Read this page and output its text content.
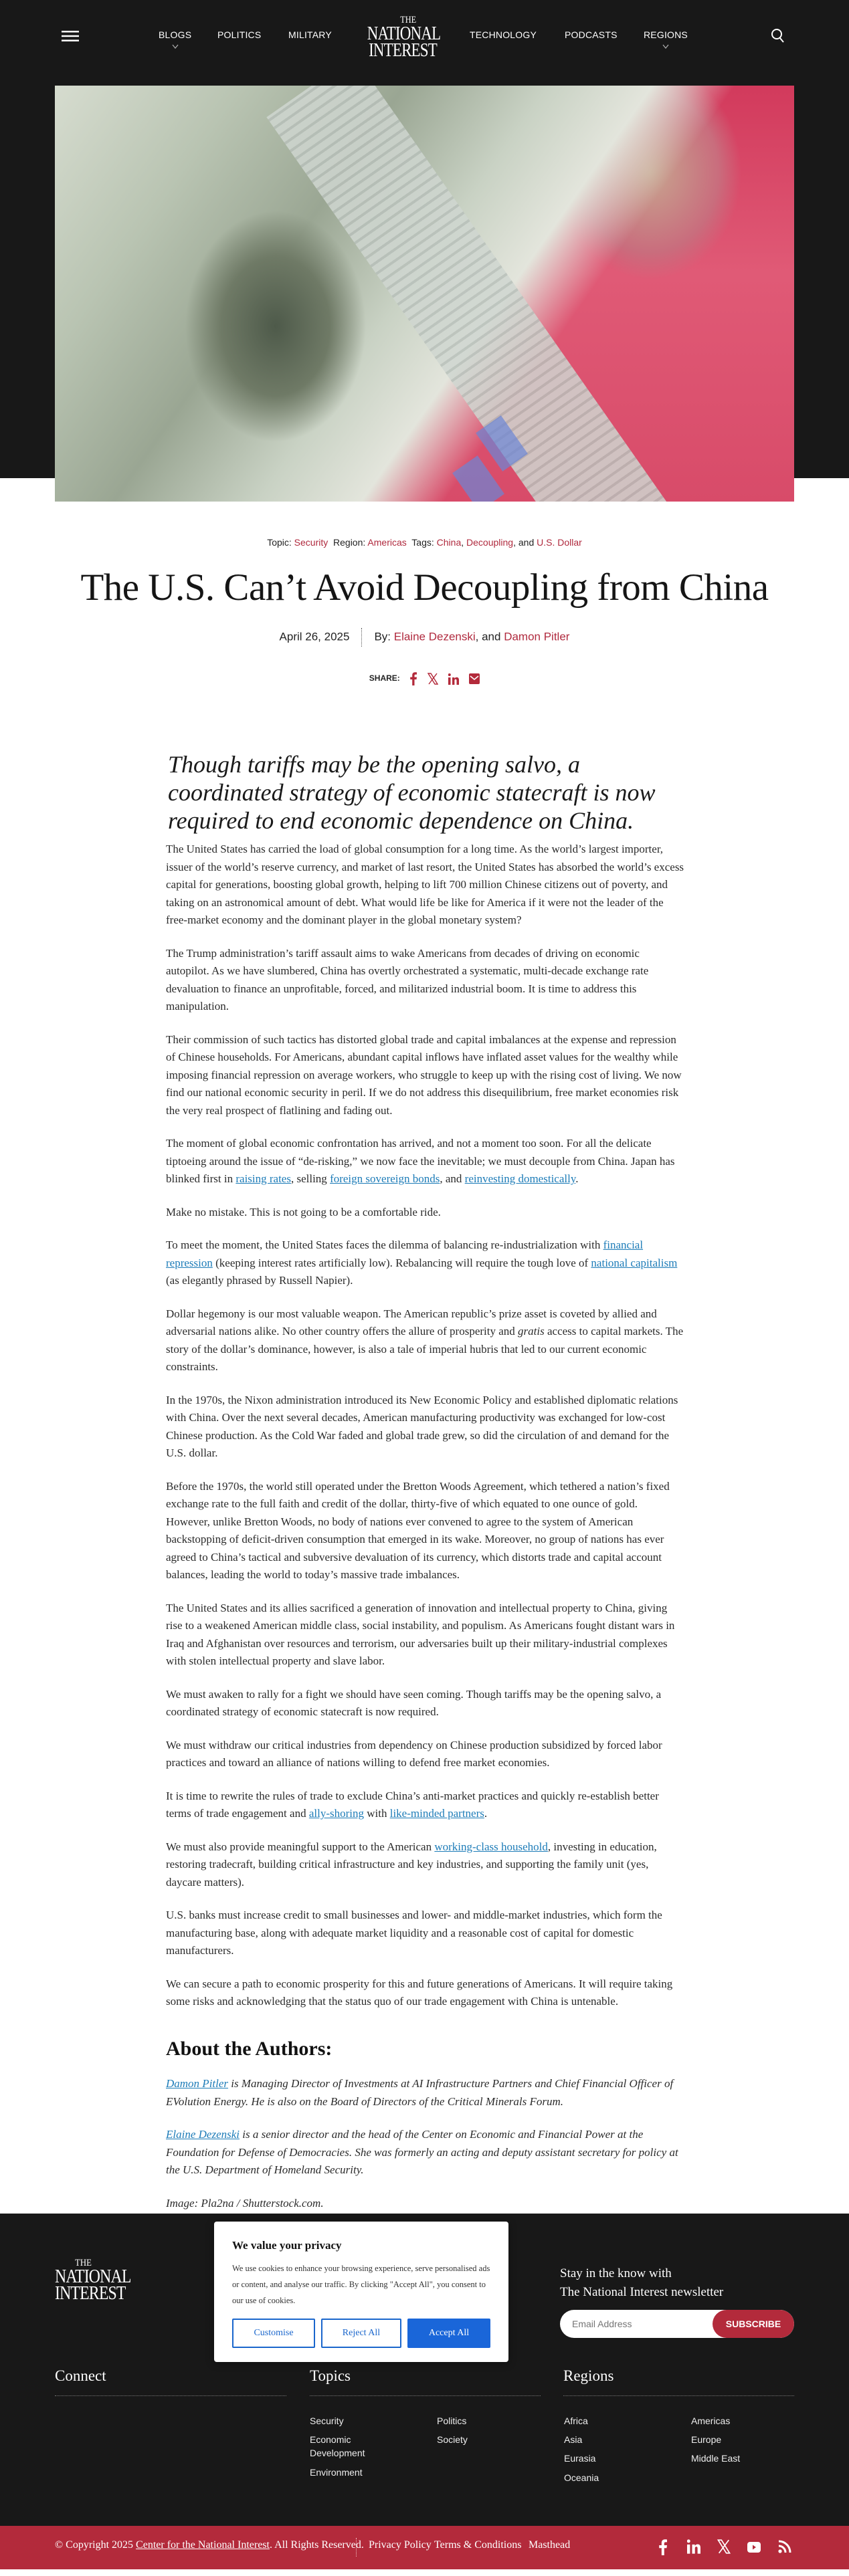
BLOGS	POLITICS	MILITARY
THE
NATIONAL
INTEREST
TECHNOLOGY	PODCASTS	REGIONS
Topic: Security Region: Americas Tags: China, Decoupling, and U.S. Dollar
The U.S. Can’t Avoid Decoupling from China
April 26, 2025 By: Elaine Dezenski, and Damon Pitler
SHARE:
Though tariffs may be the opening salvo, a coordinated strategy of economic statecraft is now required to end economic dependence on China.

The United States has carried the load of global consumption for a long time. As the world’s largest importer, issuer of the world’s reserve currency, and market of last resort, the United States has absorbed the world’s excess capital for generations, boosting global growth, helping to lift 700 million Chinese citizens out of poverty, and taking on an astronomical amount of debt. What would life be like for America if it were not the leader of the free-market economy and the dominant player in the global monetary system?

The Trump administration’s tariff assault aims to wake Americans from decades of driving on economic autopilot. As we have slumbered, China has overtly orchestrated a systematic, multi-decade exchange rate devaluation to finance an unprofitable, forced, and militarized industrial boom. It is time to address this manipulation.

Their commission of such tactics has distorted global trade and capital imbalances at the expense and repression of Chinese households. For Americans, abundant capital inflows have inflated asset values for the wealthy while imposing financial repression on average workers, who struggle to keep up with the rising cost of living. We now find our national economic security in peril. If we do not address this disequilibrium, free market economies risk the very real prospect of flatlining and fading out.

The moment of global economic confrontation has arrived, and not a moment too soon. For all the delicate tiptoeing around the issue of “de-risking,” we now face the inevitable; we must decouple from China. Japan has blinked first in raising rates, selling foreign sovereign bonds, and reinvesting domestically.

Make no mistake. This is not going to be a comfortable ride.

To meet the moment, the United States faces the dilemma of balancing re-industrialization with financial repression (keeping interest rates artificially low). Rebalancing will require the tough love of national capitalism (as elegantly phrased by Russell Napier).

Dollar hegemony is our most valuable weapon. The American republic’s prize asset is coveted by allied and adversarial nations alike. No other country offers the allure of prosperity and gratis access to capital markets. The story of the dollar’s dominance, however, is also a tale of imperial hubris that led to our current economic constraints.

In the 1970s, the Nixon administration introduced its New Economic Policy and established diplomatic relations with China. Over the next several decades, American manufacturing productivity was exchanged for low-cost Chinese production. As the Cold War faded and global trade grew, so did the circulation of and demand for the U.S. dollar.

Before the 1970s, the world still operated under the Bretton Woods Agreement, which tethered a nation’s fixed exchange rate to the full faith and credit of the dollar, thirty-five of which equated to one ounce of gold. However, unlike Bretton Woods, no body of nations ever convened to agree to the system of American backstopping of deficit-driven consumption that emerged in its wake. Moreover, no group of nations has ever agreed to China’s tactical and subversive devaluation of its currency, which distorts trade and capital account balances, leading the world to today’s massive trade imbalances.

The United States and its allies sacrificed a generation of innovation and intellectual property to China, giving rise to a weakened American middle class, social instability, and populism. As Americans fought distant wars in Iraq and Afghanistan over resources and terrorism, our adversaries built up their military-industrial complexes with stolen intellectual property and slave labor.

We must awaken to rally for a fight we should have seen coming. Though tariffs may be the opening salvo, a coordinated strategy of economic statecraft is now required.

We must withdraw our critical industries from dependency on Chinese production subsidized by forced labor practices and toward an alliance of nations willing to defend free market economies.

It is time to rewrite the rules of trade to exclude China’s anti-market practices and quickly re-establish better terms of trade engagement and ally-shoring with like-minded partners.

We must also provide meaningful support to the American working-class household, investing in education, restoring tradecraft, building critical infrastructure and key industries, and supporting the family unit (yes, daycare matters).

U.S. banks must increase credit to small businesses and lower- and middle-market industries, which form the manufacturing base, along with adequate market liquidity and a reasonable cost of capital for domestic manufacturers.

We can secure a path to economic prosperity for this and future generations of Americans. It will require taking some risks and acknowledging that the status quo of our trade engagement with China is untenable.

About the Authors:

Damon Pitler is Managing Director of Investments at AI Infrastructure Partners and Chief Financial Officer of EVolution Energy. He is also on the Board of Directors of the Critical Minerals Forum.

Elaine Dezenski is a senior director and the head of the Center on Economic and Financial Power at the Foundation for Defense of Democracies. She was formerly an acting and deputy assistant secretary for policy at the U.S. Department of Homeland Security.

Image: Pla2na / Shutterstock.com.

THE
NATIONAL
INTEREST
Stay in the know with
The National Interest newsletter
Email Address
SUBSCRIBE
Connect	Topics	Regions
Security
Economic
Development
Environment
Politics
Society
Africa
Asia
Eurasia
Oceania
Americas
Europe
Middle East
© Copyright 2025 Center for the National Interest. All Rights Reserved. Privacy Policy Terms & Conditions Masthead
We value your privacy

We use cookies to enhance your browsing experience, serve personalised ads or content, and analyse our traffic. By clicking "Accept All", you consent to our use of cookies.

Customise	Reject All	Accept All
